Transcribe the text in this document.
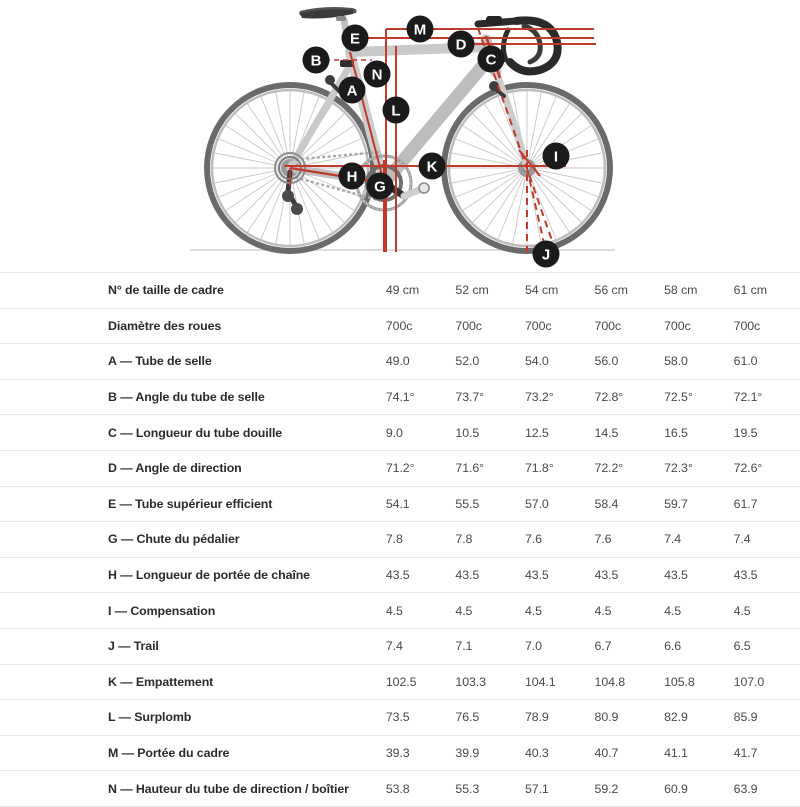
A
B	C
D
E
G
H
I
J
K
L
M
N
N° de taille de cadre	49 cm	52 cm	54 cm	56 cm	58 cm	61 cm
Diamètre des roues	700c	700c	700c	700c	700c	700c
A — Tube de selle	49.0	52.0	54.0	56.0	58.0	61.0
B — Angle du tube de selle	74.1°	73.7°	73.2°	72.8°	72.5°	72.1°
C — Longueur du tube douille	9.0	10.5	12.5	14.5	16.5	19.5
D — Angle de direction	71.2°	71.6°	71.8°	72.2°	72.3°	72.6°
E — Tube supérieur efficient	54.1	55.5	57.0	58.4	59.7	61.7
G — Chute du pédalier	7.8	7.8	7.6	7.6	7.4	7.4
H — Longueur de portée de chaîne	43.5	43.5	43.5	43.5	43.5	43.5
I — Compensation	4.5	4.5	4.5	4.5	4.5	4.5
J — Trail	7.4	7.1	7.0	6.7	6.6	6.5
K — Empattement	102.5	103.3	104.1	104.8	105.8	107.0
L — Surplomb	73.5	76.5	78.9	80.9	82.9	85.9
M — Portée du cadre	39.3	39.9	40.3	40.7	41.1	41.7
N — Hauteur du tube de direction / boîtier	53.8	55.3	57.1	59.2	60.9	63.9
